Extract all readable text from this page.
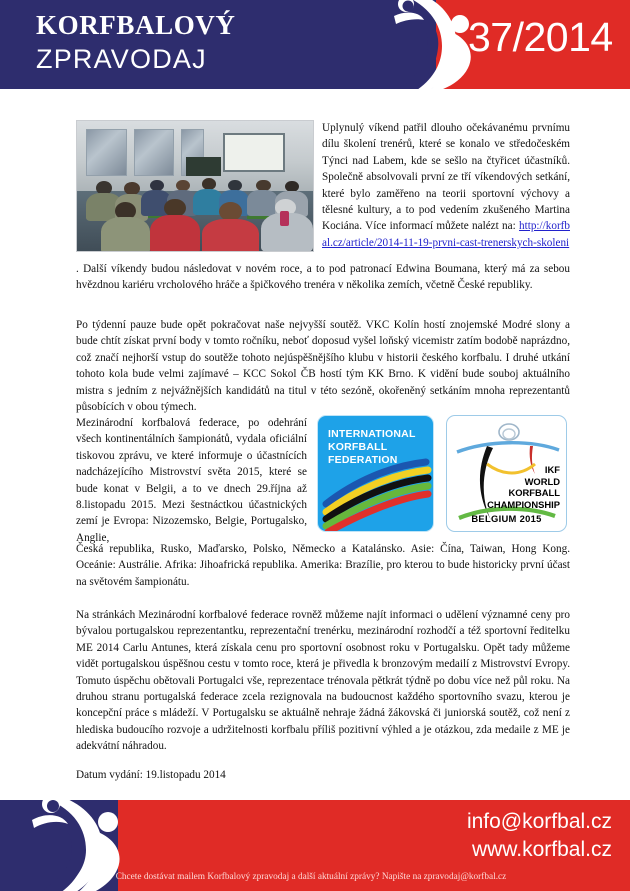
KORFBALOVÝ
ZPRAVODAJ	37/2014
Uplynulý víkend patřil dlouho očekávanému prvnímu dílu školení trenérů, které se konalo ve středočeském Týnci nad Labem, kde se sešlo na čtyřicet účastníků. Společně absolvovali první ze tří víkendových setkání, které bylo zaměřeno na teorii sportovní výchovy a tělesné kultury, a to pod vedením zkušeného Martina Kociána. Více informací můžete nalézt na: http://korfbal.cz/article/2014-11-19-prvni-cast-trenerskych-skoleni
. Další víkendy budou následovat v novém roce, a to pod patronací Edwina Boumana, který má za sebou hvězdnou kariéru vrcholového hráče a špičkového trenéra v několika zemích, včetně České republiky.
Po týdenní pauze bude opět pokračovat naše nejvyšší soutěž. VKC Kolín hostí znojemské Modré slony a bude chtít získat první body v tomto ročníku, neboť doposud vyšel loňský vicemistr zatím bodobě naprázdno, což značí nejhorší vstup do soutěže tohoto nejúspěšnějšího klubu v historii českého korfbalu. I druhé utkání tohoto kola bude velmi zajímavé – KCC Sokol ČB hostí tým KK Brno. K vidění bude souboj aktuálního mistra s jedním z nejvážnějších kandidátů na titul v této sezóně, okořeněný setkáním mnoha reprezentantů působících v obou týmech.
Mezinárodní korfbalová federace, po odehrání všech kontinentálních šampionátů, vydala oficiální tiskovou zprávu, ve které informuje o účastnících nadcházejícího Mistrovství světa 2015, které se bude konat v Belgii, a to ve dnech 29.října až 8.listopadu 2015. Mezi šestnáctkou účastnických zemí je Evropa: Nizozemsko, Belgie, Portugalsko, Anglie,
INTERNATIONAL
KORFBALL
FEDERATION
IKF
WORLD
KORFBALL
CHAMPIONSHIP
BELGIUM 2015
Česká republika, Rusko, Maďarsko, Polsko, Německo a Katalánsko. Asie: Čína, Taiwan, Hong Kong. Oceánie: Austrálie. Afrika: Jihoafrická republika. Amerika: Brazílie, pro kterou to bude historicky první účast na světovém šampionátu.
Na stránkách Mezinárodní korfbalové federace rovněž můžeme najít informaci o udělení významné ceny pro bývalou portugalskou reprezentantku, reprezentační trenérku, mezinárodní rozhodčí a též sportovní ředitelku ME 2014 Carlu Antunes, která získala cenu pro sportovní osobnost roku v Portugalsku. Opět tady můžeme vidět portugalskou úspěšnou cestu v tomto roce, která je přivedla k bronzovým medailí z Mistrovství Evropy. Tomuto úspěchu obětovali Portugalci vše, reprezentace trénovala pětkrát týdně po dobu více než půl roku. Na druhou stranu portugalská federace zcela rezignovala na budoucnost každého sportovního svazu, kterou je koncepční práce s mládeží. V Portugalsku se aktuálně nehraje žádná žákovská či juniorská soutěž, což není z hlediska budoucího rozvoje a udržitelnosti korfbalu příliš pozitivní výhled a je otázkou, zda medaile z ME je adekvátní náhradou.
Datum vydání: 19.listopadu 2014
info@korfbal.cz
www.korfbal.cz
Chcete dostávat mailem Korfbalový zpravodaj a další aktuální zprávy? Napište na zpravodaj@korfbal.cz
